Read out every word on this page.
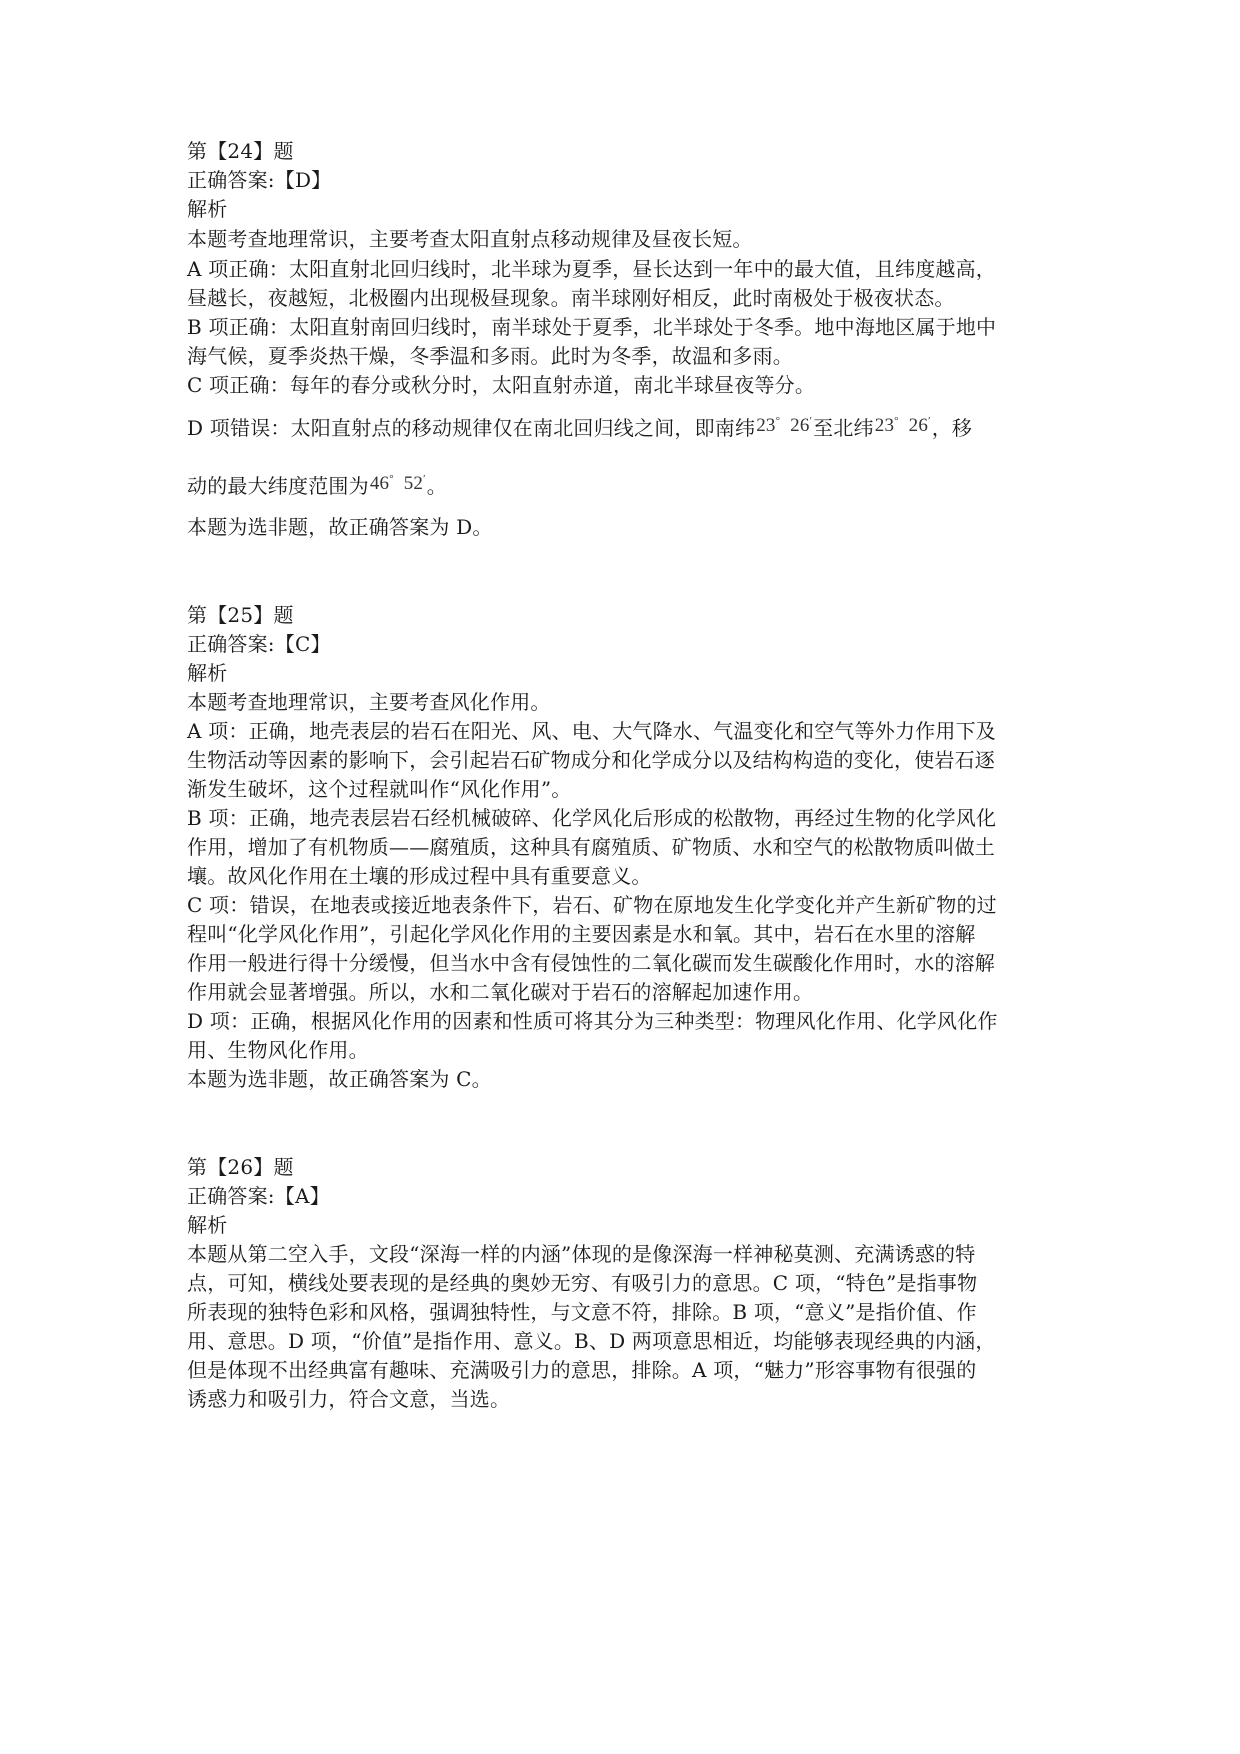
第【24】题
正确答案:【D】
解析
本题考查地理常识，主要考查太阳直射点移动规律及昼夜长短。
A 项正确：太阳直射北回归线时，北半球为夏季，昼长达到一年中的最大值，且纬度越高，
昼越长，夜越短，北极圈内出现极昼现象。南半球刚好相反，此时南极处于极夜状态。
B 项正确：太阳直射南回归线时，南半球处于夏季，北半球处于冬季。地中海地区属于地中
海气候，夏季炎热干燥，冬季温和多雨。此时为冬季，故温和多雨。
C 项正确：每年的春分或秋分时，太阳直射赤道，南北半球昼夜等分。
D 项错误：太阳直射点的移动规律仅在南北回归线之间，即南纬23° 26′至北纬23° 26′，移
动的最大纬度范围为46° 52′。
本题为选非题，故正确答案为 D。
第【25】题
正确答案:【C】
解析
本题考查地理常识，主要考查风化作用。
A 项：正确，地壳表层的岩石在阳光、风、电、大气降水、气温变化和空气等外力作用下及
生物活动等因素的影响下，会引起岩石矿物成分和化学成分以及结构构造的变化，使岩石逐
渐发生破坏，这个过程就叫作“风化作用”。
B 项：正确，地壳表层岩石经机械破碎、化学风化后形成的松散物，再经过生物的化学风化
作用，增加了有机物质——腐殖质，这种具有腐殖质、矿物质、水和空气的松散物质叫做土
壤。故风化作用在土壤的形成过程中具有重要意义。
C 项：错误，在地表或接近地表条件下，岩石、矿物在原地发生化学变化并产生新矿物的过
程叫“化学风化作用”，引起化学风化作用的主要因素是水和氧。其中，岩石在水里的溶解
作用一般进行得十分缓慢，但当水中含有侵蚀性的二氧化碳而发生碳酸化作用时，水的溶解
作用就会显著增强。所以，水和二氧化碳对于岩石的溶解起加速作用。
D 项：正确，根据风化作用的因素和性质可将其分为三种类型：物理风化作用、化学风化作
用、生物风化作用。
本题为选非题，故正确答案为 C。
第【26】题
正确答案:【A】
解析
本题从第二空入手，文段“深海一样的内涵”体现的是像深海一样神秘莫测、充满诱惑的特
点，可知，横线处要表现的是经典的奥妙无穷、有吸引力的意思。C 项，“特色”是指事物
所表现的独特色彩和风格，强调独特性，与文意不符，排除。B 项，“意义”是指价值、作
用、意思。D 项，“价值”是指作用、意义。B、D 两项意思相近，均能够表现经典的内涵，
但是体现不出经典富有趣味、充满吸引力的意思，排除。A 项，“魅力”形容事物有很强的
诱惑力和吸引力，符合文意，当选。
